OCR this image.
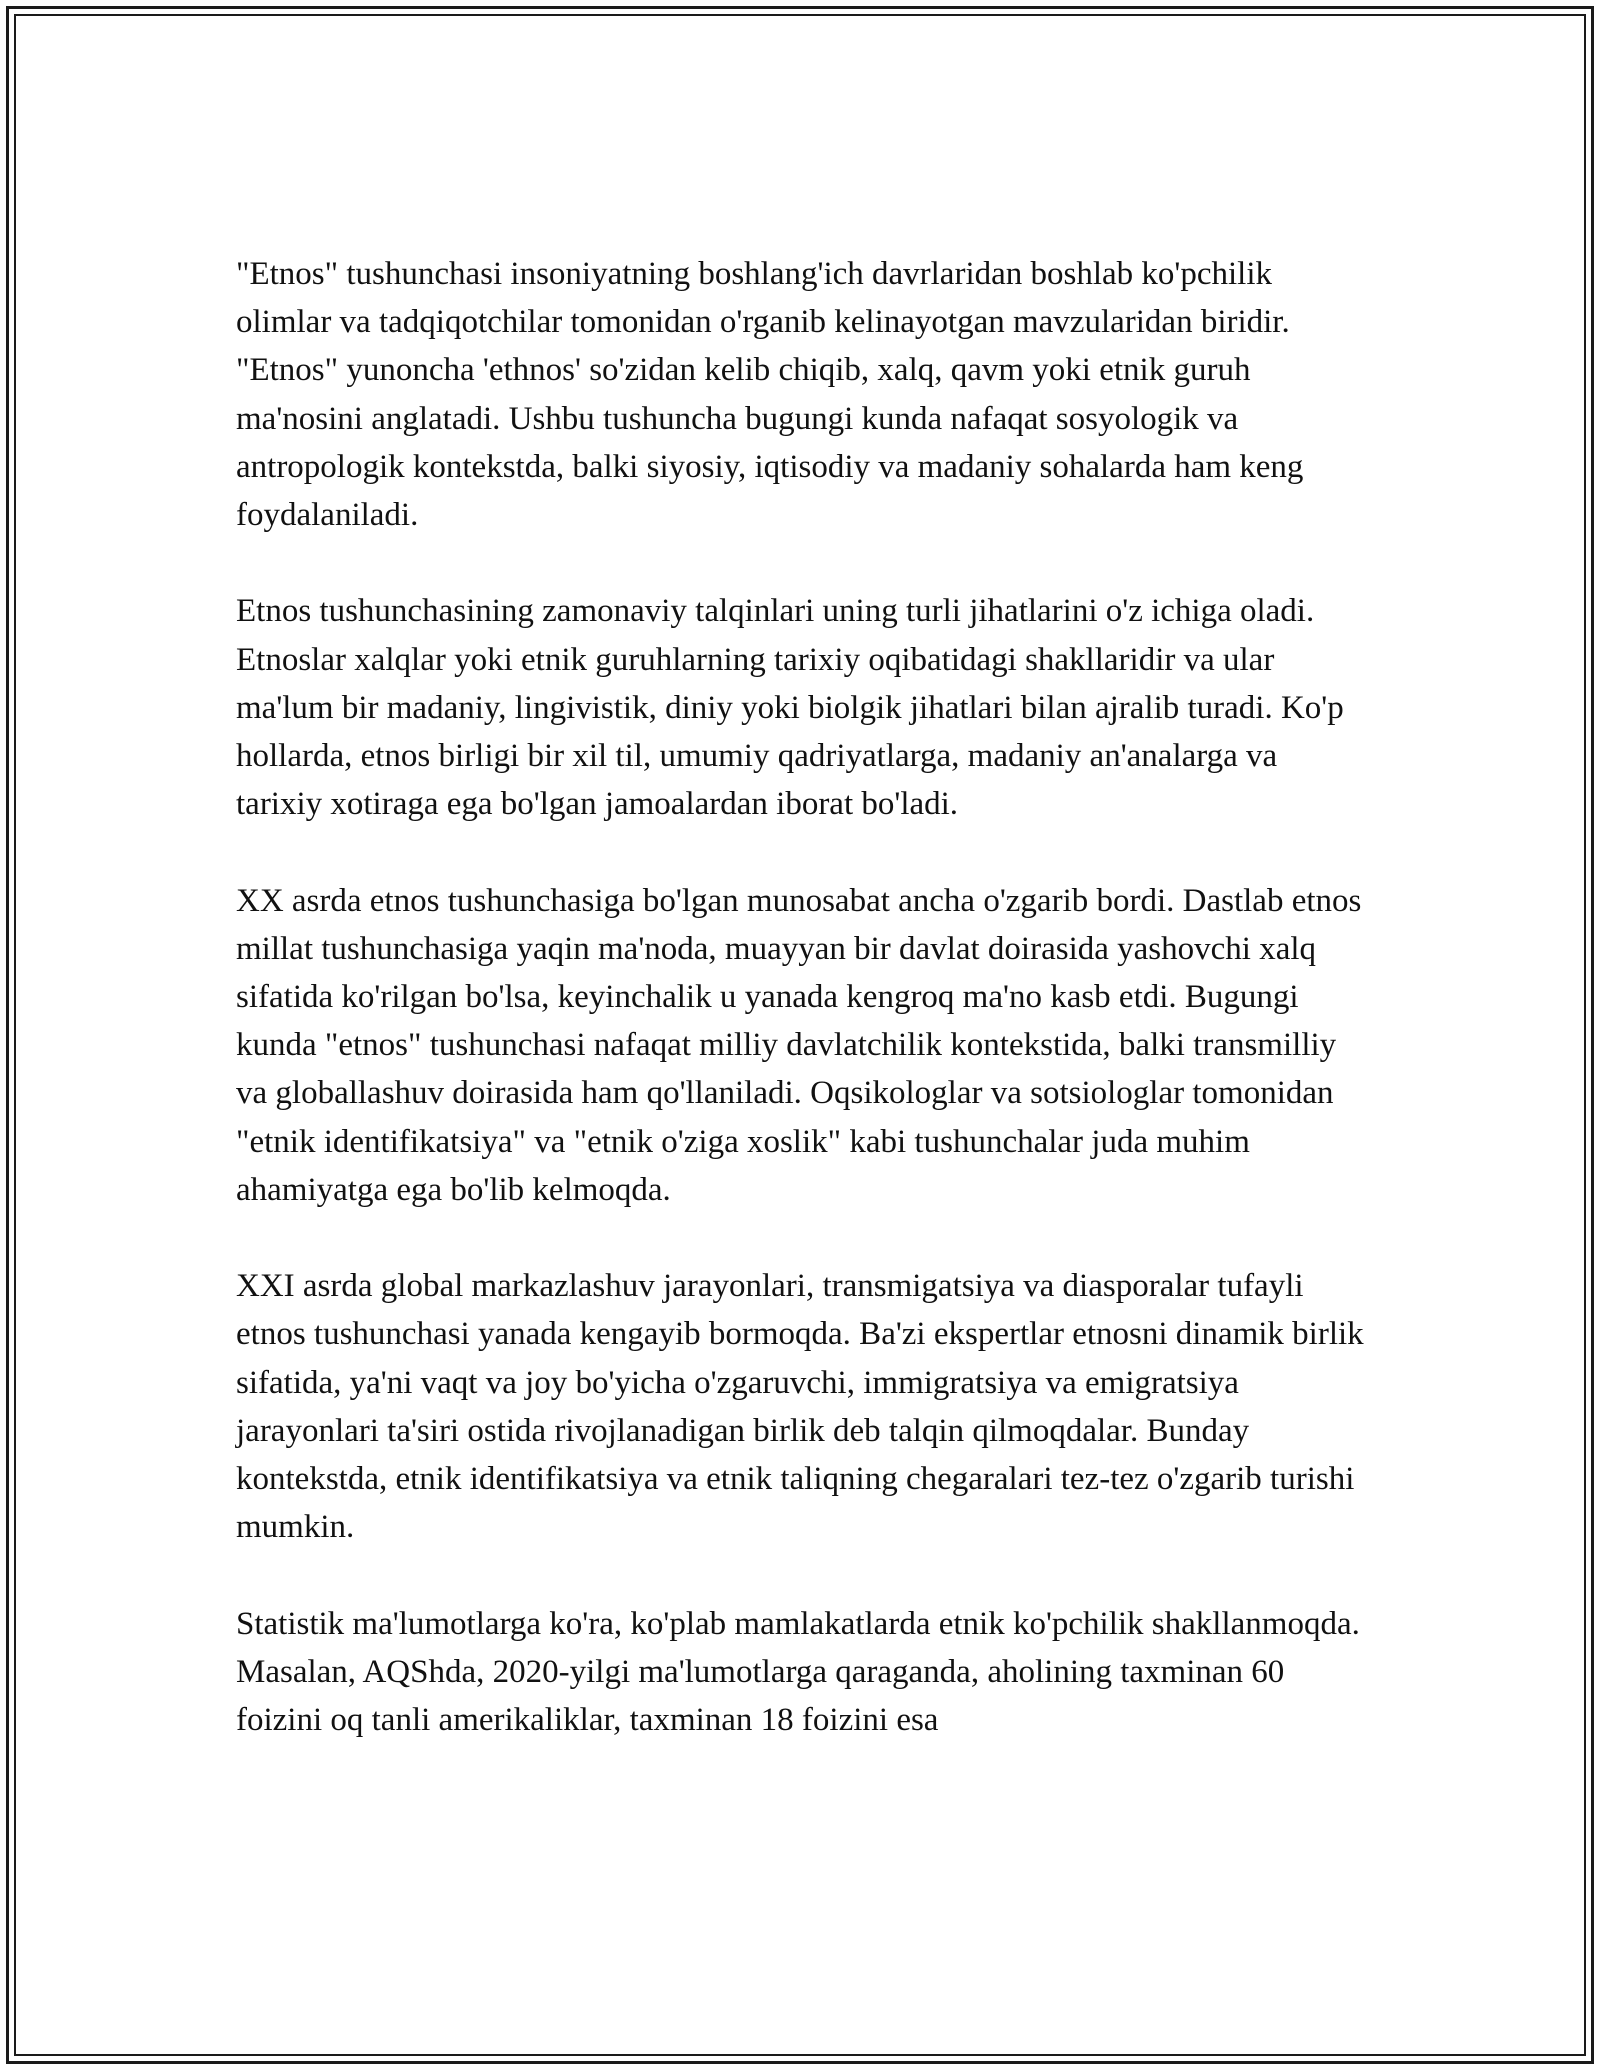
"Etnos" tushunchasi insoniyatning boshlang'ich davrlaridan boshlab ko'pchilik olimlar va tadqiqotchilar tomonidan o'rganib kelinayotgan mavzularidan biridir. "Etnos" yunoncha 'ethnos' so'zidan kelib chiqib, xalq, qavm yoki etnik guruh ma'nosini anglatadi. Ushbu tushuncha bugungi kunda nafaqat sosyologik va antropologik kontekstda, balki siyosiy, iqtisodiy va madaniy sohalarda ham keng foydalaniladi.

Etnos tushunchasining zamonaviy talqinlari uning turli jihatlarini o'z ichiga oladi. Etnoslar xalqlar yoki etnik guruhlarning tarixiy oqibatidagi shakllaridir va ular ma'lum bir madaniy, lingivistik, diniy yoki biolgik jihatlari bilan ajralib turadi. Ko'p hollarda, etnos birligi bir xil til, umumiy qadriyatlarga, madaniy an'analarga va tarixiy xotiraga ega bo'lgan jamoalardan iborat bo'ladi.

XX asrda etnos tushunchasiga bo'lgan munosabat ancha o'zgarib bordi. Dastlab etnos millat tushunchasiga yaqin ma'noda, muayyan bir davlat doirasida yashovchi xalq sifatida ko'rilgan bo'lsa, keyinchalik u yanada kengroq ma'no kasb etdi. Bugungi kunda "etnos" tushunchasi nafaqat milliy davlatchilik kontekstida, balki transmilliy va globallashuv doirasida ham qo'llaniladi. Oqsikologlar va sotsiologlar tomonidan "etnik identifikatsiya" va "etnik o'ziga xoslik" kabi tushunchalar juda muhim ahamiyatga ega bo'lib kelmoqda.

XXI asrda global markazlashuv jarayonlari, transmigatsiya va diasporalar tufayli etnos tushunchasi yanada kengayib bormoqda. Ba'zi ekspertlar etnosni dinamik birlik sifatida, ya'ni vaqt va joy bo'yicha o'zgaruvchi, immigratsiya va emigratsiya jarayonlari ta'siri ostida rivojlanadigan birlik deb talqin qilmoqdalar. Bunday kontekstda, etnik identifikatsiya va etnik taliqning chegaralari tez-tez o'zgarib turishi mumkin.

Statistik ma'lumotlarga ko'ra, ko'plab mamlakatlarda etnik ko'pchilik shakllanmoqda. Masalan, AQShda, 2020-yilgi ma'lumotlarga qaraganda, aholining taxminan 60 foizini oq tanli amerikaliklar, taxminan 18 foizini esa
